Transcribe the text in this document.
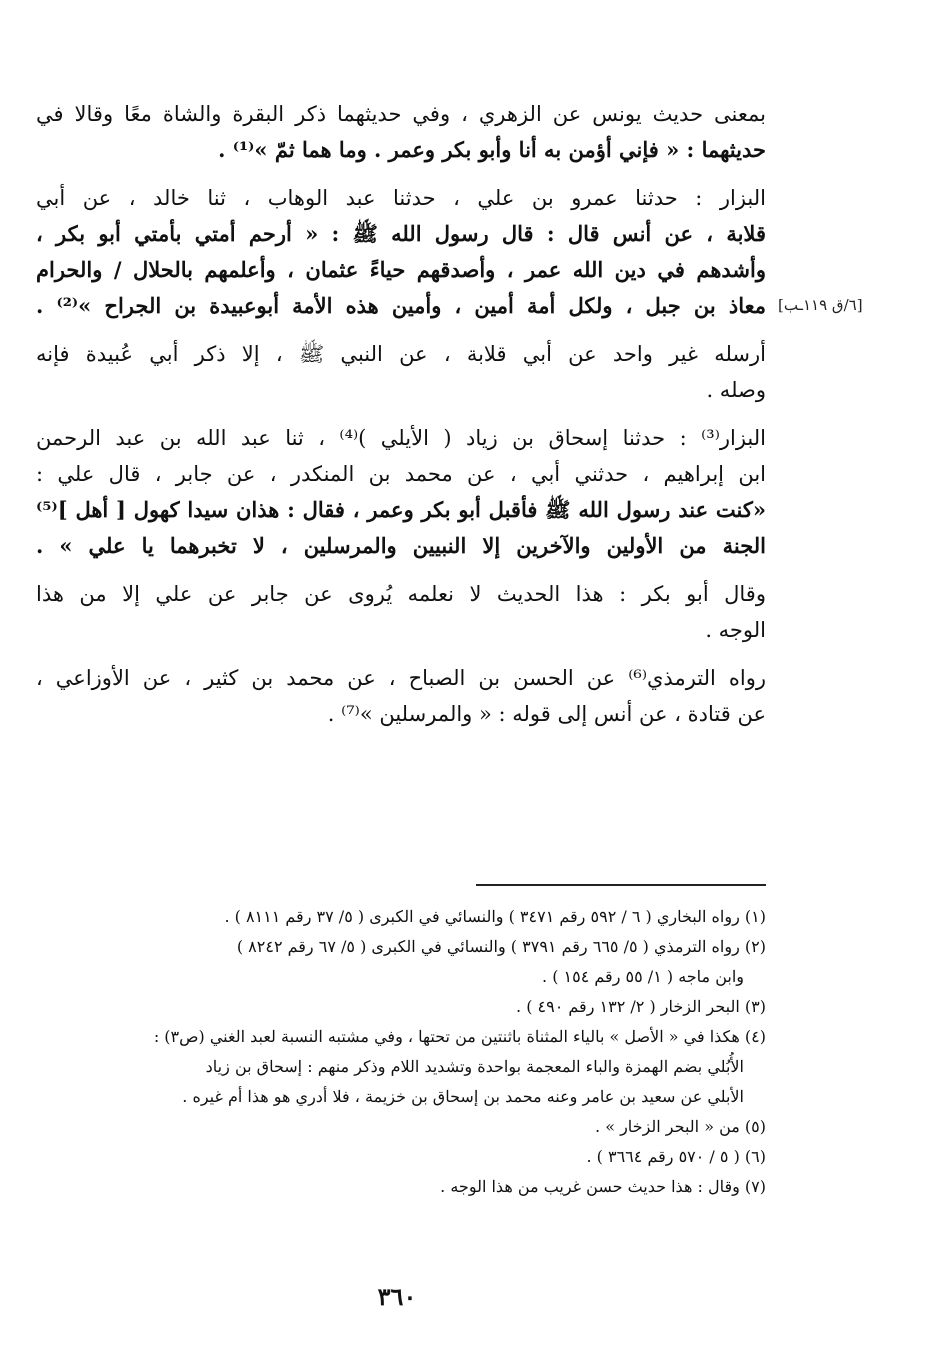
[٦/ق ١١٩ـب]
بمعنى حديث يونس عن الزهري ، وفي حديثهما ذكر البقرة والشاة معًا وقالا في
حديثهما : « فإني أؤمن به أنا وأبو بكر وعمر . وما هما ثمّ »⁽¹⁾ .
البزار : حدثنا عمرو بن علي ، حدثنا عبد الوهاب ، ثنا خالد ، عن أبي
قلابة ، عن أنس قال : قال رسول الله ﷺ : « أرحم أمتي بأمتي أبو بكر ،
وأشدهم في دين الله عمر ، وأصدقهم حياءً عثمان ، وأعلمهم بالحلال / والحرام
معاذ بن جبل ، ولكل أمة أمين ، وأمين هذه الأمة أبوعبيدة بن الجراح »⁽²⁾ .
أرسله غير واحد عن أبي قلابة ، عن النبي ﷺ ، إلا ذكر أبي عُبيدة فإنه
وصله .
البزار⁽³⁾ : حدثنا إسحاق بن زياد ( الأيلي )⁽⁴⁾ ، ثنا عبد الله بن عبد الرحمن
ابن إبراهيم ، حدثني أبي ، عن محمد بن المنكدر ، عن جابر ، قال علي :
«كنت عند رسول الله ﷺ فأقبل أبو بكر وعمر ، فقال : هذان سيدا كهول [ أهل ]⁽⁵⁾
الجنة من الأولين والآخرين إلا النبيين والمرسلين ، لا تخبرهما يا علي » .
وقال أبو بكر : هذا الحديث لا نعلمه يُروى عن جابر عن علي إلا من هذا
الوجه .
رواه الترمذي⁽⁶⁾ عن الحسن بن الصباح ، عن محمد بن كثير ، عن الأوزاعي ،
عن قتادة ، عن أنس إلى قوله : « والمرسلين »⁽⁷⁾ .
(١) رواه البخاري ( ٦ / ٥٩٢ رقم ٣٤٧١ ) والنسائي في الكبرى ( ٥/ ٣٧ رقم ٨١١١ ) .
(٢) رواه الترمذي ( ٥/ ٦٦٥ رقم ٣٧٩١ ) والنسائي في الكبرى ( ٥/ ٦٧ رقم ٨٢٤٢ )
وابن ماجه ( ١/ ٥٥ رقم ١٥٤ ) .
(٣) البحر الزخار ( ٢/ ١٣٢ رقم ٤٩٠ ) .
(٤) هكذا في « الأصل » بالياء المثناة باثنتين من تحتها ، وفي مشتبه النسبة لعبد الغني (ص٣) :
الأُبُلي بضم الهمزة والباء المعجمة بواحدة وتشديد اللام وذكر منهم : إسحاق بن زياد
الأبلي عن سعيد بن عامر وعنه محمد بن إسحاق بن خزيمة ، فلا أدري هو هذا أم غيره .
(٥) من « البحر الزخار » .
(٦) ( ٥ / ٥٧٠ رقم ٣٦٦٤ ) .
(٧) وقال : هذا حديث حسن غريب من هذا الوجه .
٣٦٠
